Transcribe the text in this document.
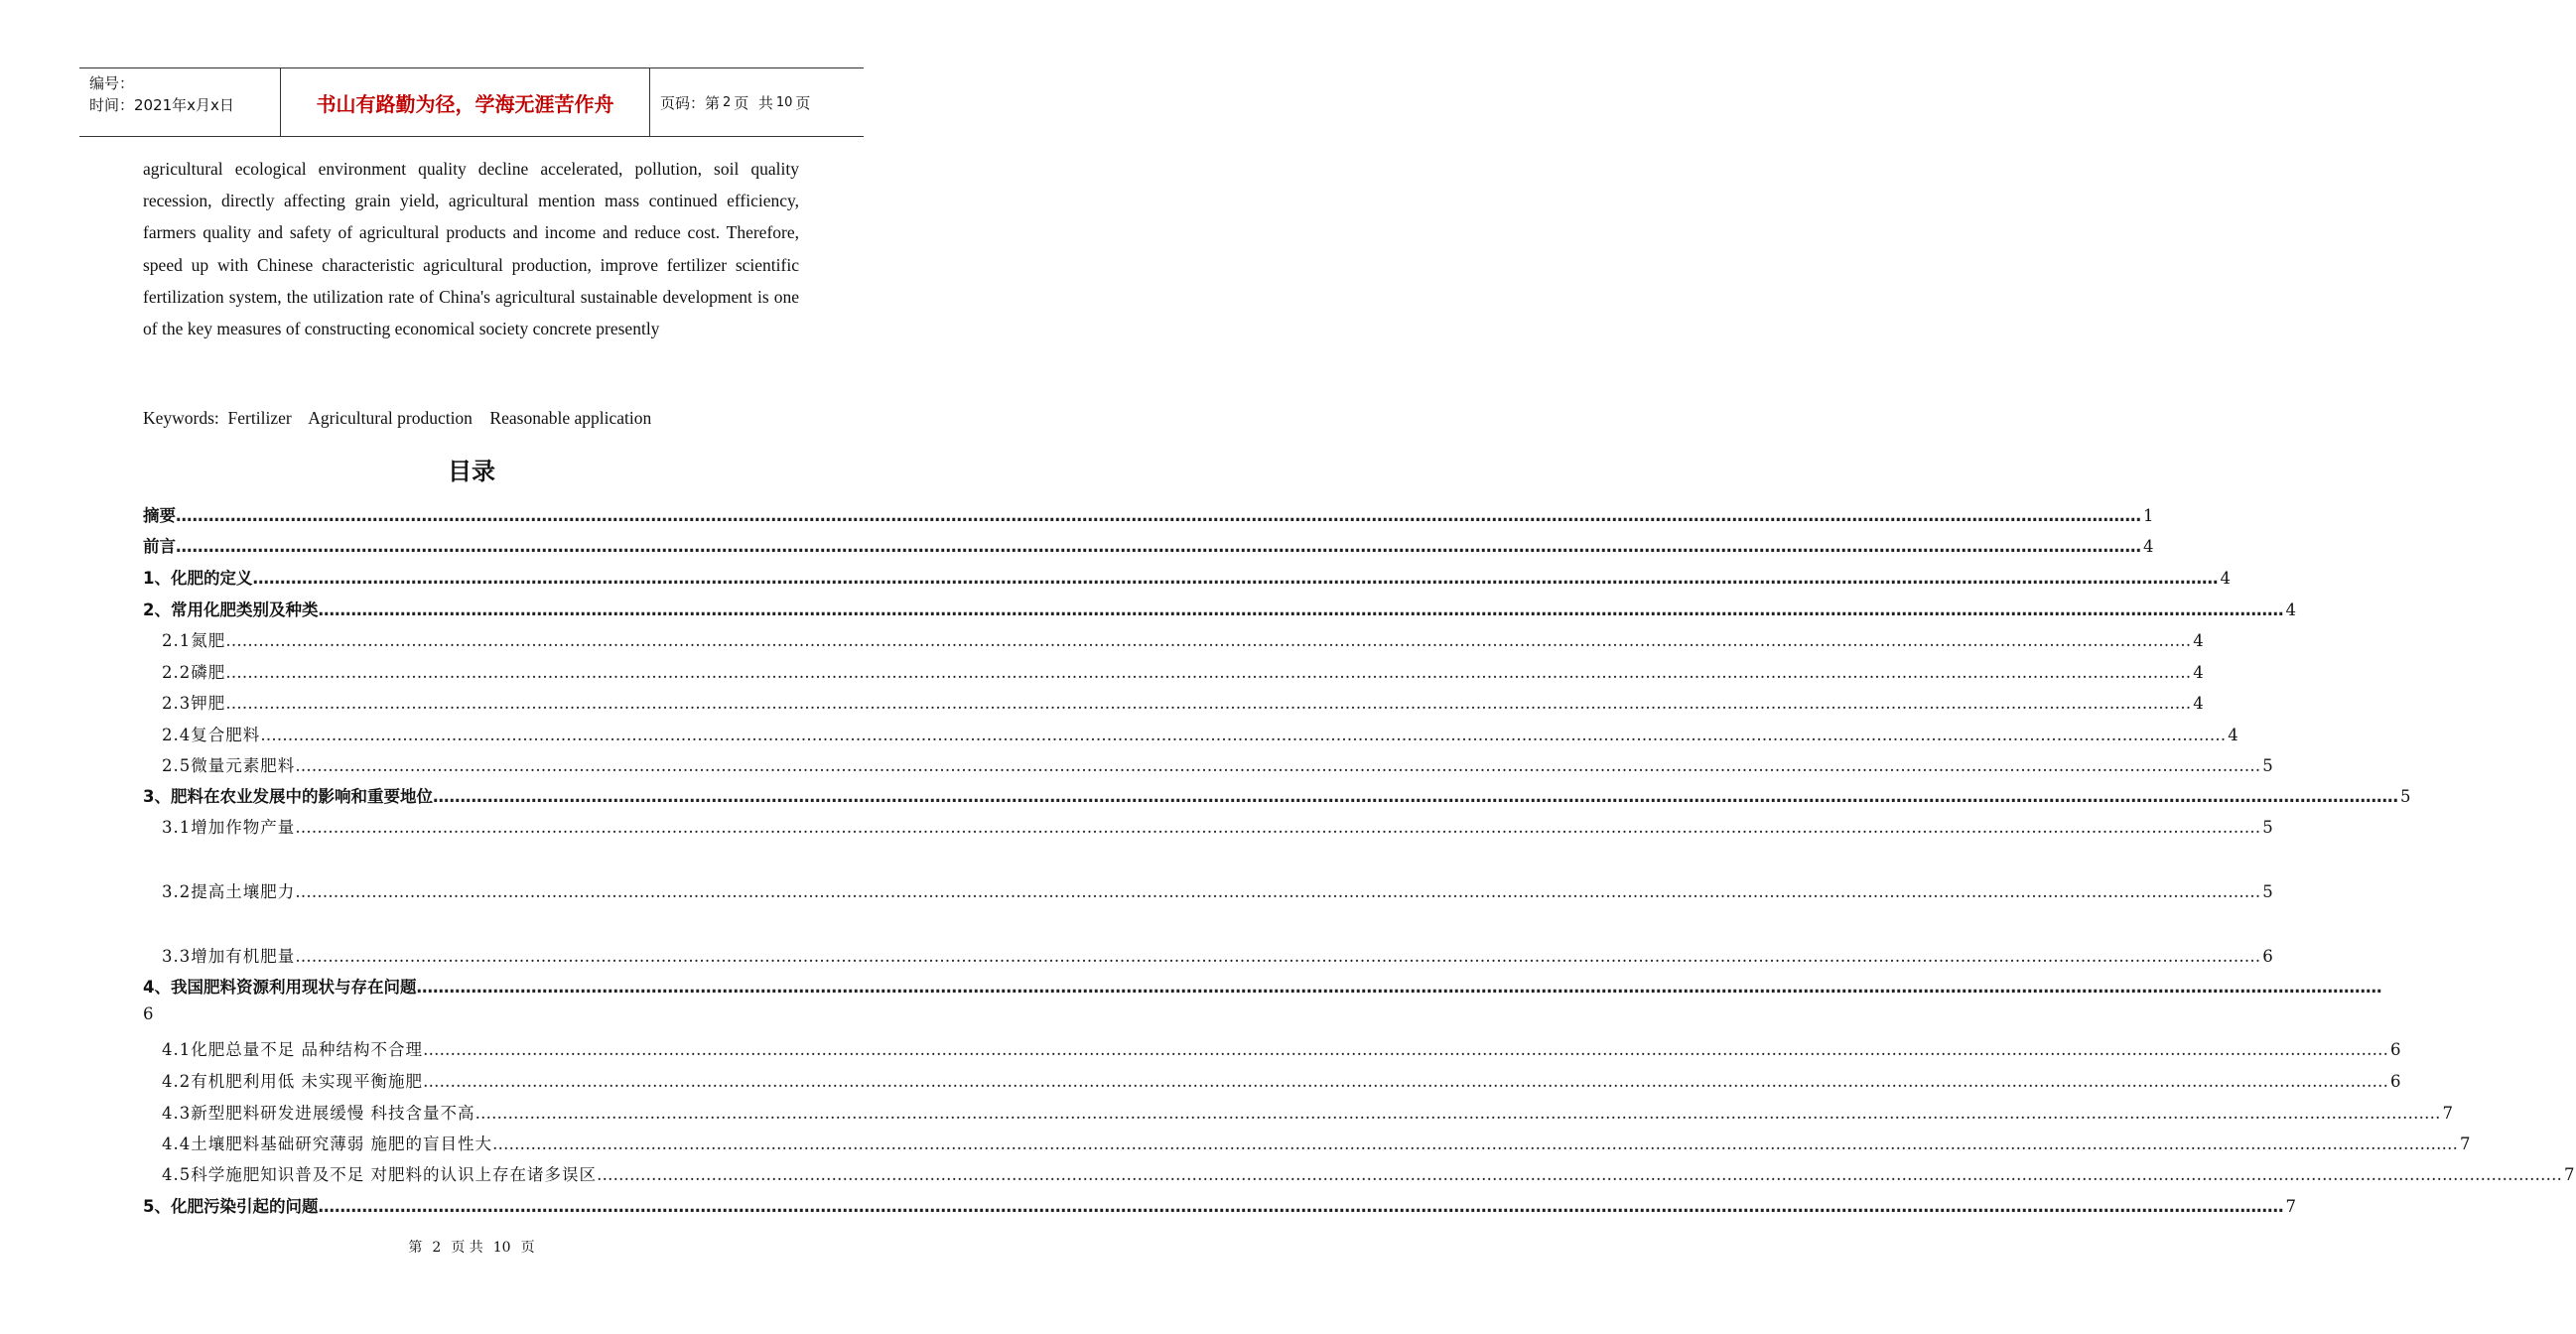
编号：
时间：2021年x月x日	书山有路勤为径，学海无涯苦作舟	页码：第 2 页  共 10 页
agricultural ecological environment quality decline accelerated, pollution, soil quality recession, directly affecting grain yield, agricultural mention mass continued efficiency, farmers quality and safety of agricultural products and income and reduce cost. Therefore, speed up with Chinese characteristic agricultural production, improve fertilizer scientific fertilization system, the utilization rate of China's agricultural sustainable development is one of the key measures of constructing economical society concrete presently
Keywords:  Fertilizer    Agricultural production    Reasonable application
目录
摘要 ……………………………………………………………………………………………………………………………………………………………………………………………………………………………………………………………………………………………………………………………… 1
前言 ……………………………………………………………………………………………………………………………………………………………………………………………………………………………………………………………………………………………………………………………… 4
1、化肥的定义 ……………………………………………………………………………………………………………………………………………………………………………………………………………………………………………………………………………………………………………………………… 4
2、常用化肥类别及种类 ……………………………………………………………………………………………………………………………………………………………………………………………………………………………………………………………………………………………………………………………… 4
2.1氮肥 ……………………………………………………………………………………………………………………………………………………………………………………………………………………………………………………………………………………………………………………………… 4
2.2磷肥 ……………………………………………………………………………………………………………………………………………………………………………………………………………………………………………………………………………………………………………………………… 4
2.3钾肥 ……………………………………………………………………………………………………………………………………………………………………………………………………………………………………………………………………………………………………………………………… 4
2.4复合肥料 ……………………………………………………………………………………………………………………………………………………………………………………………………………………………………………………………………………………………………………………………… 4
2.5微量元素肥料 ……………………………………………………………………………………………………………………………………………………………………………………………………………………………………………………………………………………………………………………………… 5
3、肥料在农业发展中的影响和重要地位 ……………………………………………………………………………………………………………………………………………………………………………………………………………………………………………………………………………………………………………………………… 5
3.1增加作物产量 ……………………………………………………………………………………………………………………………………………………………………………………………………………………………………………………………………………………………………………………………… 5
3.2提高土壤肥力 ……………………………………………………………………………………………………………………………………………………………………………………………………………………………………………………………………………………………………………………………… 5
3.3增加有机肥量 ……………………………………………………………………………………………………………………………………………………………………………………………………………………………………………………………………………………………………………………………… 6
6
4、我国肥料资源利用现状与存在问题 ………………………………………………………………………………………………………………………………………………………………………………………………………………………………………………………………………………………………………………………………
4.1化肥总量不足 品种结构不合理 ……………………………………………………………………………………………………………………………………………………………………………………………………………………………………………………………………………………………………………………………… 6
4.2有机肥利用低 未实现平衡施肥 ……………………………………………………………………………………………………………………………………………………………………………………………………………………………………………………………………………………………………………………………… 6
4.3新型肥料研发进展缓慢 科技含量不高 ……………………………………………………………………………………………………………………………………………………………………………………………………………………………………………………………………………………………………………………………… 7
4.4土壤肥料基础研究薄弱 施肥的盲目性大 ……………………………………………………………………………………………………………………………………………………………………………………………………………………………………………………………………………………………………………………………… 7
4.5科学施肥知识普及不足 对肥料的认识上存在诸多误区 ……………………………………………………………………………………………………………………………………………………………………………………………………………………………………………………………………………………………………………………………… 7
5、化肥污染引起的问题 ……………………………………………………………………………………………………………………………………………………………………………………………………………………………………………………………………………………………………………………………… 7
第 2 页 共 10 页
